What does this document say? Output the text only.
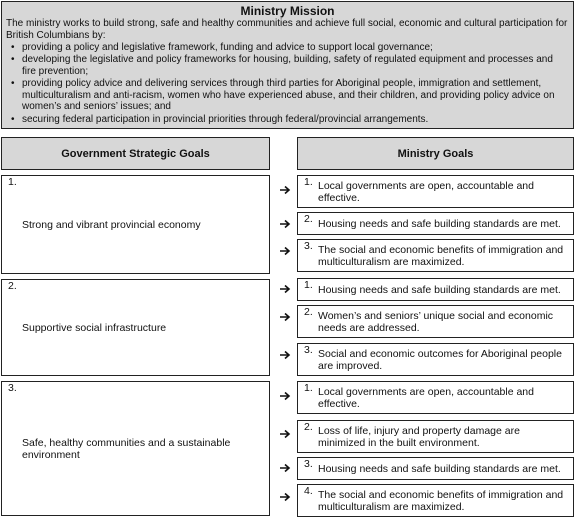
Ministry Mission
The ministry works to build strong, safe and healthy communities and achieve full social, economic and cultural participation for British Columbians by:
• providing a policy and legislative framework, funding and advice to support local governance;
• developing the legislative and policy frameworks for housing, building, safety of regulated equipment and processes and fire prevention;
• providing policy advice and delivering services through third parties for Aboriginal people, immigration and settlement, multiculturalism and anti-racism, women who have experienced abuse, and their children, and providing policy advice on women’s and seniors’ issues; and
• securing federal participation in provincial priorities through federal/provincial arrangements.
Government Strategic Goals	Ministry Goals
1.
Strong and vibrant provincial economy
2.
Supportive social infrastructure
3.
Safe, healthy communities and a sustainable environment
1. Local governments are open, accountable and effective.
2. Housing needs and safe building standards are met.
3. The social and economic benefits of immigration and multiculturalism are maximized.
1. Housing needs and safe building standards are met.
2. Women’s and seniors’ unique social and economic needs are addressed.
3. Social and economic outcomes for Aboriginal people are improved.
1. Local governments are open, accountable and effective.
2. Loss of life, injury and property damage are minimized in the built environment.
3. Housing needs and safe building standards are met.
4. The social and economic benefits of immigration and multiculturalism are maximized.
